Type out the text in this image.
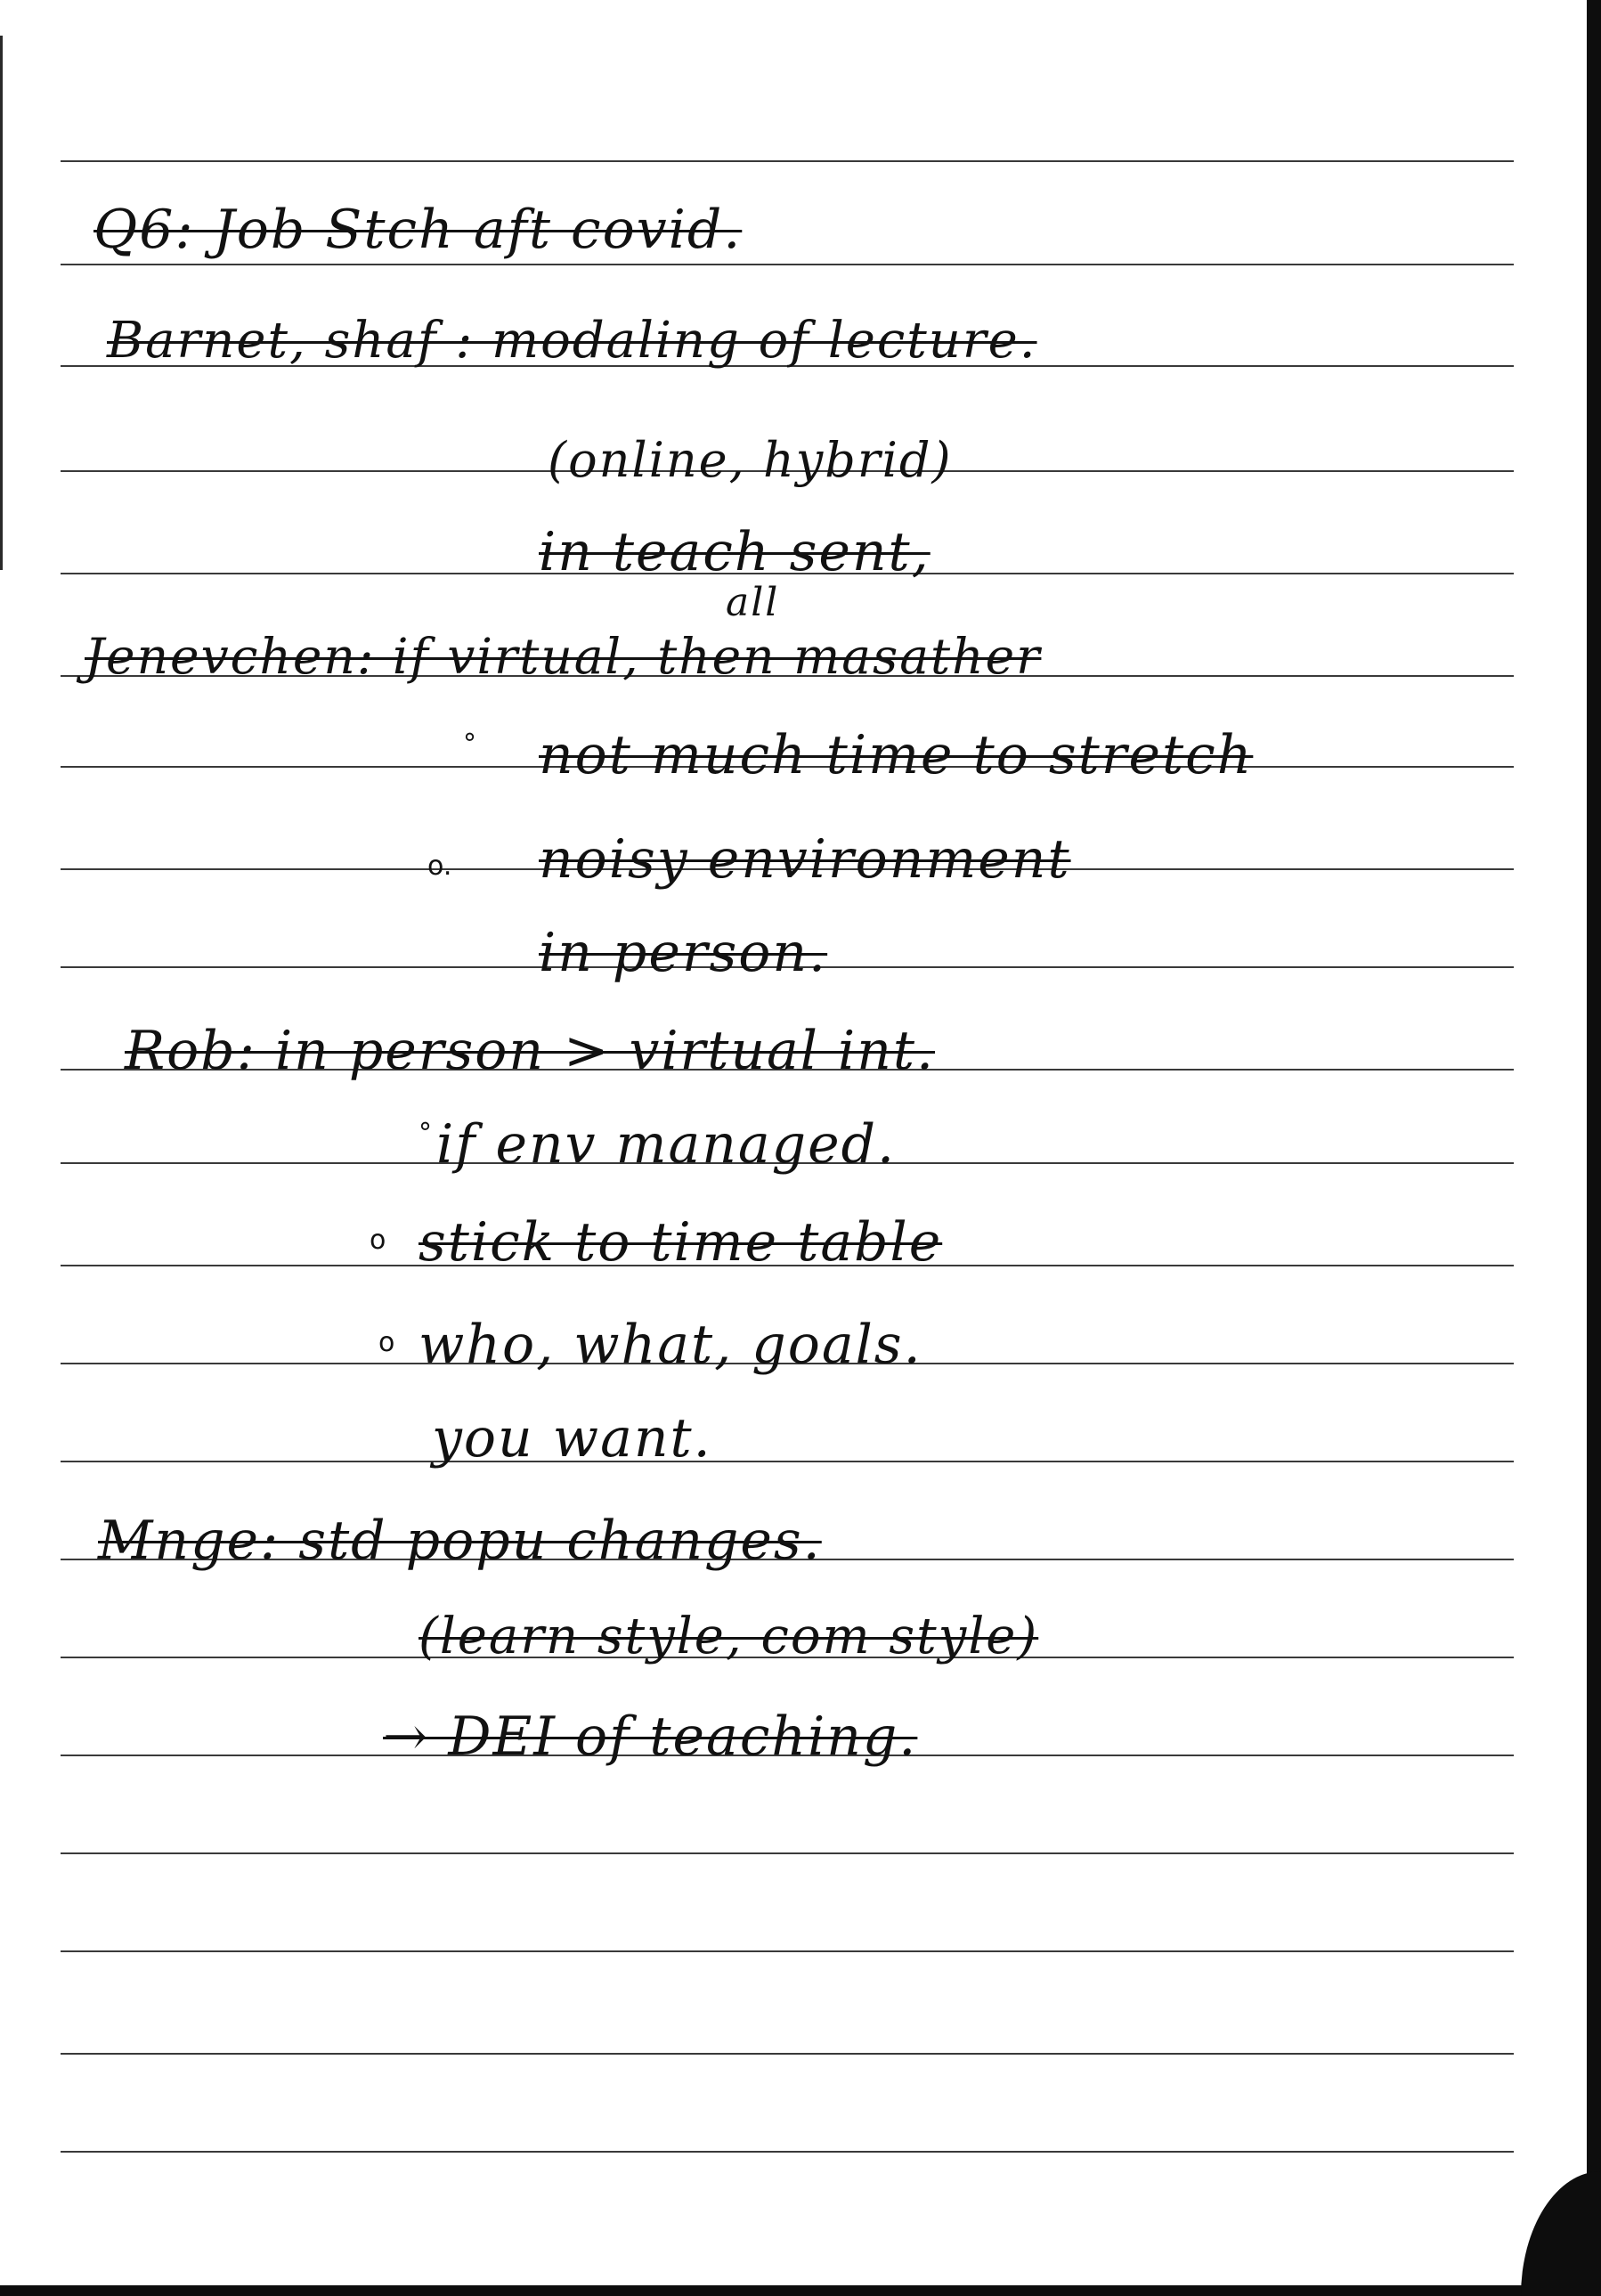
Q6: Job Stch aft covid.
Barnet, shaf : modaling of lecture.
(online, hybrid)
in teach sent,
all
Jenevchen: if virtual, then masather
° not much time to stretch
o. noisy environment
in person.
Rob: in person > virtual int.
° if env managed.
o stick to time table
o who, what, goals.
you want.
Mnge: std popu changes.
(learn style, com style)
→ DEI of teaching.
